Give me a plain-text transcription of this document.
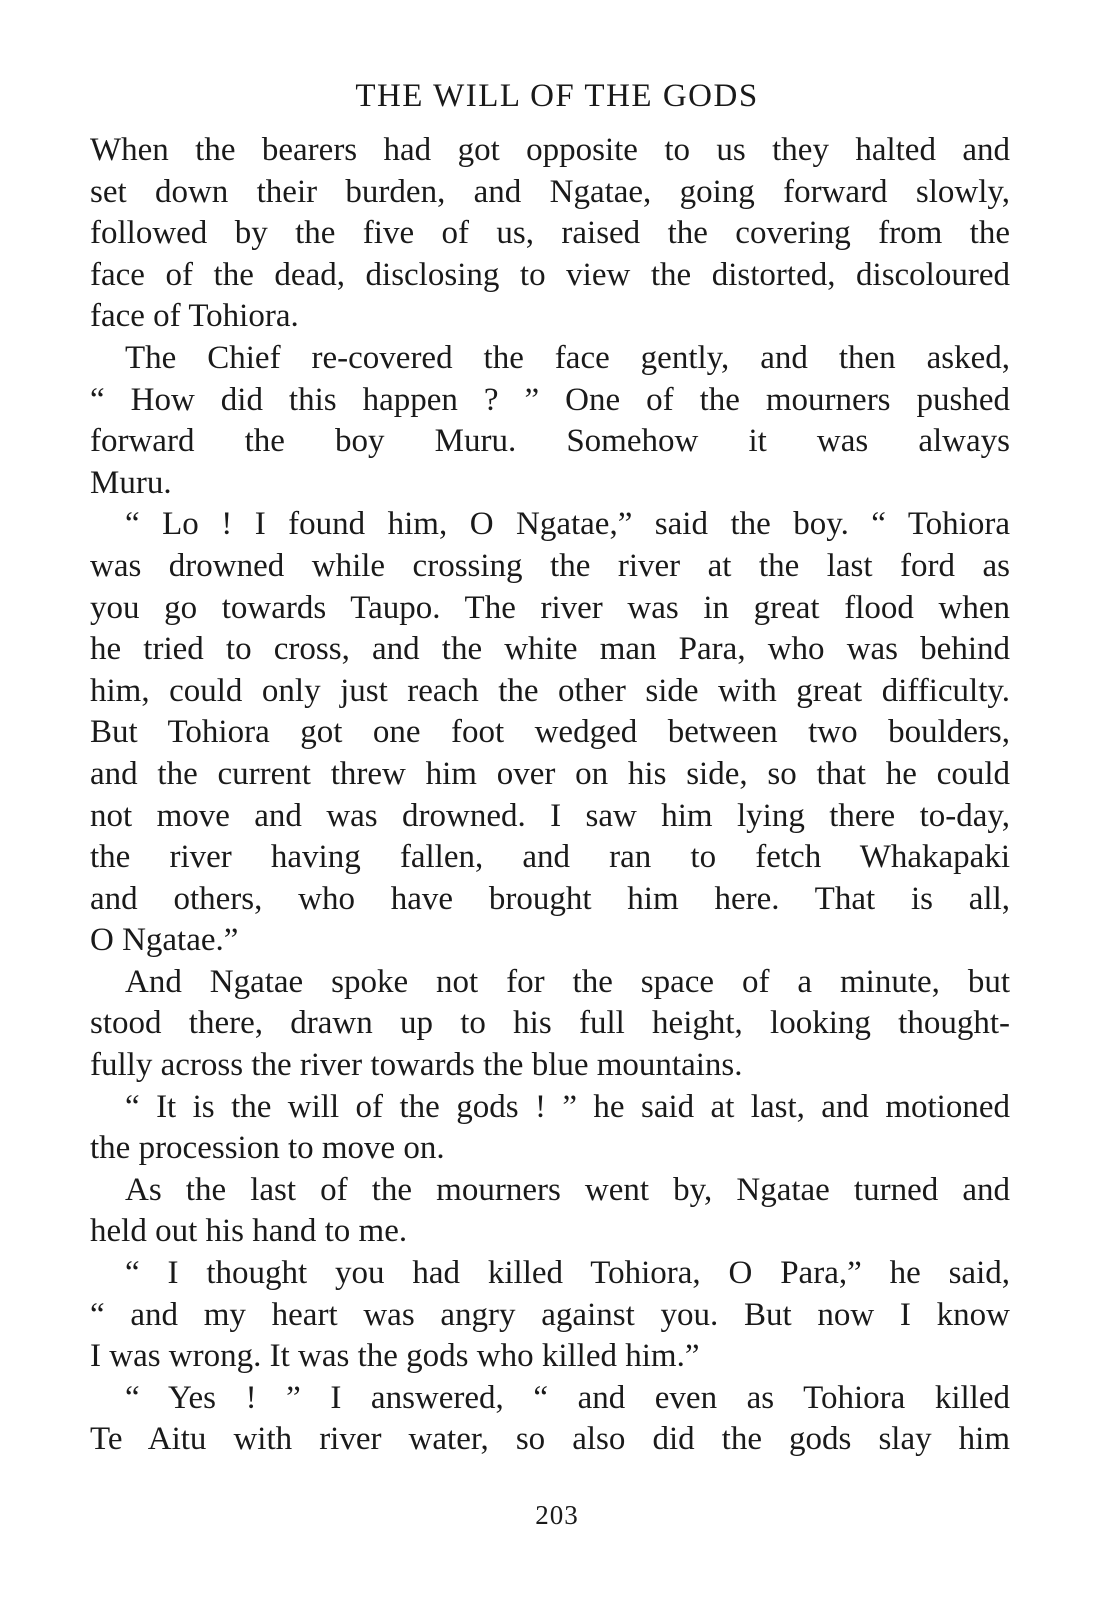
THE WILL OF THE GODS
When the bearers had got opposite to us they halted and
set down their burden, and Ngatae, going forward slowly,
followed by the five of us, raised the covering from the
face of the dead, disclosing to view the distorted, discoloured
face of Tohiora.
The Chief re-covered the face gently, and then asked,
“ How did this happen ? ” One of the mourners pushed
forward the boy Muru. Somehow it was always
Muru.
“ Lo ! I found him, O Ngatae,” said the boy. “ Tohiora
was drowned while crossing the river at the last ford as
you go towards Taupo. The river was in great flood when
he tried to cross, and the white man Para, who was behind
him, could only just reach the other side with great difficulty.
But Tohiora got one foot wedged between two boulders,
and the current threw him over on his side, so that he could
not move and was drowned. I saw him lying there to-day,
the river having fallen, and ran to fetch Whakapaki
and others, who have brought him here. That is all,
O Ngatae.”
And Ngatae spoke not for the space of a minute, but
stood there, drawn up to his full height, looking thought-
fully across the river towards the blue mountains.
“ It is the will of the gods ! ” he said at last, and motioned
the procession to move on.
As the last of the mourners went by, Ngatae turned and
held out his hand to me.
“ I thought you had killed Tohiora, O Para,” he said,
“ and my heart was angry against you. But now I know
I was wrong. It was the gods who killed him.”
“ Yes ! ” I answered, “ and even as Tohiora killed
Te Aitu with river water, so also did the gods slay him
203
